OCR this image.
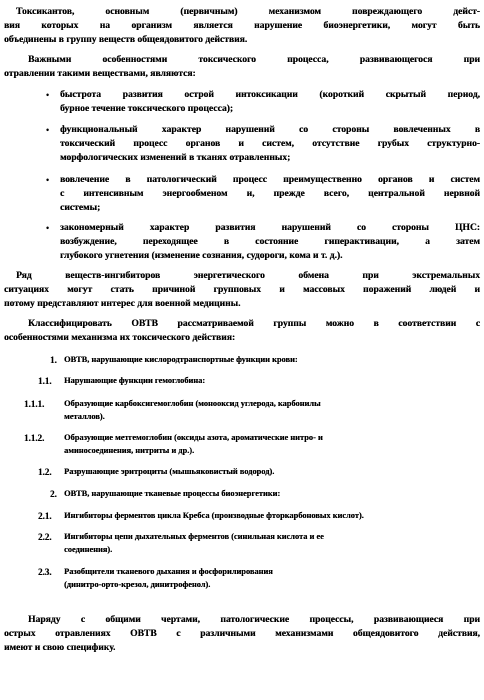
Токсикантов, основным (первичным) механизмом повреждающего дейст-
вия которых на организм является нарушение биоэнергетики, могут быть
объединены в группу веществ общеядовитого действия.
Важными особенностями токсического процесса, развивающегося при
отравлении такими веществами, являются:
• быстрота развития острой интоксикации (короткий скрытый период,
бурное течение токсического процесса);
• функциональный характер нарушений со стороны вовлеченных в
токсический процесс органов и систем, отсутствие грубых структурно-
морфологических изменений в тканях отравленных;
• вовлечение в патологический процесс преимущественно органов и систем
с интенсивным энергообменом и, прежде всего, центральной нервной
системы;
• закономерный характер развития нарушений со стороны ЦНС:
возбуждение, переходящее в состояние гиперактивации, а затем
глубокого угнетения (изменение сознания, судороги, кома и т. д.).
Ряд веществ-ингибиторов энергетического обмена при экстремальных
ситуациях могут стать причиной групповых и массовых поражений людей и
потому представляют интерес для военной медицины.
Классифицировать ОВТВ рассматриваемой группы можно в соответствии с
особенностями механизма их токсического действия:
1. ОВТВ, нарушающие кислородтранспортные функции крови:
1.1. Нарушающие функции гемоглобина:
1.1.1. Образующие карбоксигемоглобин (монооксид углерода, карбонилы
металлов).
1.1.2. Образующие метгемоглобин (оксиды азота, ароматические нитро- и
аминосоединения, нитриты и др.).
1.2. Разрушающие эритроциты (мышьяковистый водород).
2. ОВТВ, нарушающие тканевые процессы биоэнергетики:
2.1. Ингибиторы ферментов цикла Кребса (производные фторкарбоновых кислот).
2.2. Ингибиторы цепи дыхательных ферментов (синильная кислота и ее
соединения).
2.3. Разобщители тканевого дыхания и фосфорилирования
(динитро-орто-крезол, динитрофенол).
Наряду с общими чертами, патологические процессы, развивающиеся при
острых отравлениях ОВТВ с различными механизмами общеядовитого действия,
имеют и свою специфику.
